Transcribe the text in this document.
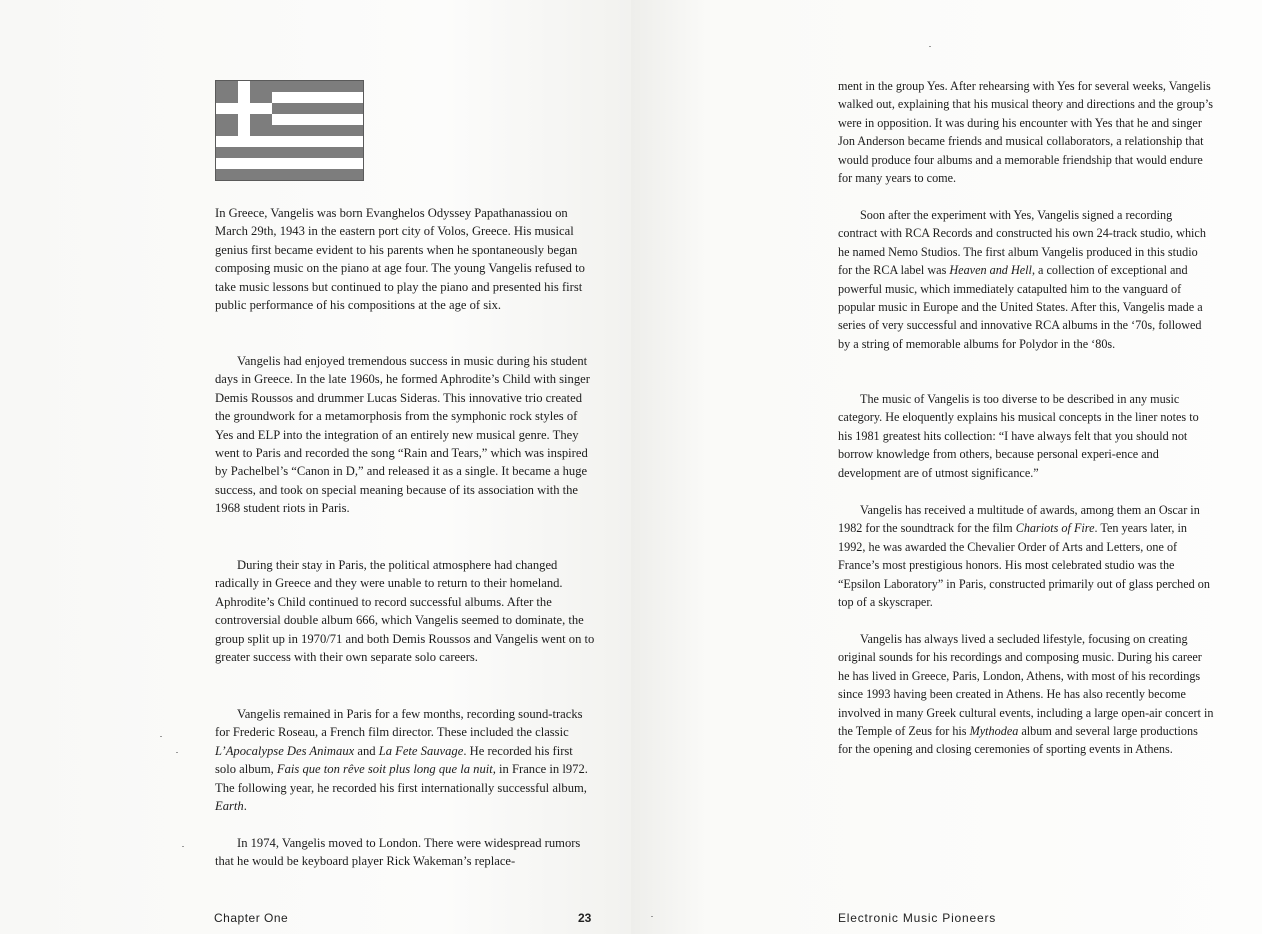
In Greece, Vangelis was born Evanghelos Odyssey Papathanassiou on March 29th, 1943 in the eastern port city of Volos, Greece. His musical genius first became evident to his parents when he spontaneously began composing music on the piano at age four. The young Vangelis refused to take music lessons but continued to play the piano and presented his first public performance of his compositions at the age of six.

Vangelis had enjoyed tremendous success in music during his student days in Greece. In the late 1960s, he formed Aphrodite’s Child with singer Demis Roussos and drummer Lucas Sideras. This innovative trio created the groundwork for a metamorphosis from the symphonic rock styles of Yes and ELP into the integration of an entirely new musical genre. They went to Paris and recorded the song “Rain and Tears,” which was inspired by Pachelbel’s “Canon in D,” and released it as a single. It became a huge success, and took on special meaning because of its association with the 1968 student riots in Paris.

During their stay in Paris, the political atmosphere had changed radically in Greece and they were unable to return to their homeland. Aphrodite’s Child continued to record successful albums. After the controversial double album 666, which Vangelis seemed to dominate, the group split up in 1970/71 and both Demis Roussos and Vangelis went on to greater success with their own separate solo careers.

Vangelis remained in Paris for a few months, recording sound-tracks for Frederic Roseau, a French film director. These included the classic L’Apocalypse Des Animaux and La Fete Sauvage. He recorded his first solo album, Fais que ton rêve soit plus long que la nuit, in France in l972. The following year, he recorded his first internationally successful album, Earth.

In 1974, Vangelis moved to London. There were widespread rumors that he would be keyboard player Rick Wakeman’s replace-

ment in the group Yes. After rehearsing with Yes for several weeks, Vangelis walked out, explaining that his musical theory and directions and the group’s were in opposition. It was during his encounter with Yes that he and singer Jon Anderson became friends and musical collaborators, a relationship that would produce four albums and a memorable friendship that would endure for many years to come.

Soon after the experiment with Yes, Vangelis signed a recording contract with RCA Records and constructed his own 24-track studio, which he named Nemo Studios. The first album Vangelis produced in this studio for the RCA label was Heaven and Hell, a collection of exceptional and powerful music, which immediately catapulted him to the vanguard of popular music in Europe and the United States. After this, Vangelis made a series of very successful and innovative RCA albums in the ‘70s, followed by a string of memorable albums for Polydor in the ‘80s.

The music of Vangelis is too diverse to be described in any music category. He eloquently explains his musical concepts in the liner notes to his 1981 greatest hits collection: “I have always felt that you should not borrow knowledge from others, because personal experi-ence and development are of utmost significance.”

Vangelis has received a multitude of awards, among them an Oscar in 1982 for the soundtrack for the film Chariots of Fire. Ten years later, in 1992, he was awarded the Chevalier Order of Arts and Letters, one of France’s most prestigious honors. His most celebrated studio was the “Epsilon Laboratory” in Paris, constructed primarily out of glass perched on top of a skyscraper.

Vangelis has always lived a secluded lifestyle, focusing on creating original sounds for his recordings and composing music. During his career he has lived in Greece, Paris, London, Athens, with most of his recordings since 1993 having been created in Athens. He has also recently become involved in many Greek cultural events, including a large open-air concert in the Temple of Zeus for his Mythodea album and several large productions for the opening and closing ceremonies of sporting events in Athens.

Chapter One	23	Electronic Music Pioneers
